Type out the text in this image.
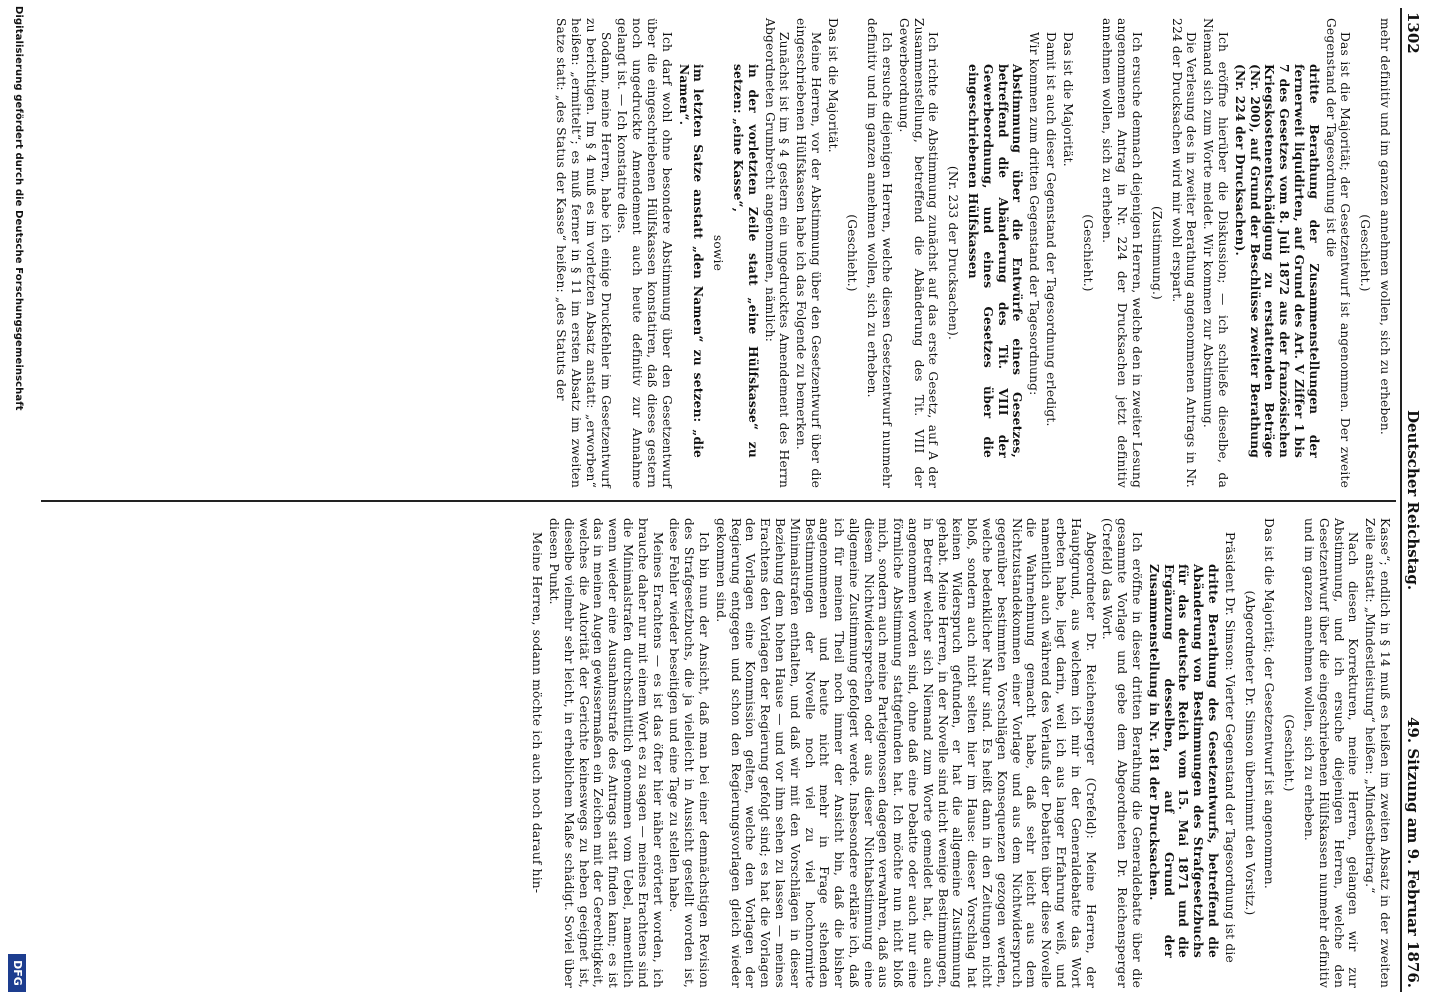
1302
Deutscher Reichstag.
49. Sitzung am 9. Februar 1876.

mehr definitiv und im ganzen annehmen wollen, sich zu erheben.

(Geschieht.)

Das ist die Majorität; der Gesetzentwurf ist angenommen. Der zweite Gegenstand der Tagesordnung ist die

dritte Berathung der Zusammenstellungen der fernerweit liquidirten, auf Grund des Art. V Ziffer 1 bis 7 des Gesetzes vom 8. Juli 1872 aus der französischen Kriegskostenentschädigung zu erstattenden Beträge (Nr. 200), auf Grund der Beschlüsse zweiter Berathung (Nr. 224 der Drucksachen).

Ich eröffne hierüber die Diskussion; — ich schließe dieselbe, da Niemand sich zum Worte meldet. Wir kommen zur Abstimmung.

Die Verlesung des in zweiter Berathung angenommenen Antrags in Nr. 224 der Drucksachen wird mir wohl erspart.

(Zustimmung.)

Ich ersuche demnach diejenigen Herren, welche den in zweiter Lesung angenommenen Antrag in Nr. 224 der Drucksachen jetzt definitiv annehmen wollen, sich zu erheben.

(Geschieht.)

Das ist die Majorität.

Damit ist auch dieser Gegenstand der Tagesordnung erledigt.

Wir kommen zum dritten Gegenstand der Tagesordnung:

Abstimmung über die Entwürfe eines Gesetzes, betreffend die Abänderung des Tit. VIII der Gewerbeordnung, und eines Gesetzes über die eingeschriebenen Hülfskassen

(Nr. 233 der Drucksachen).

Ich richte die Abstimmung zunächst auf das erste Gesetz, auf A der Zusammenstellung, betreffend die Abänderung des Tit. VIII der Gewerbeordnung.

Ich ersuche diejenigen Herren, welche diesen Gesetzentwurf nunmehr definitiv und im ganzen annehmen wollen, sich zu erheben.

(Geschieht.)

Das ist die Majorität.

Meine Herren, vor der Abstimmung über den Gesetzentwurf über die eingeschriebenen Hülfskassen habe ich das Folgende zu bemerken.

Zunächst ist im § 4 gestern ein ungedrucktes Amendement des Herrn Abgeordneten Grumbrecht angenommen, nämlich:

in der vorletzten Zeile statt „eine Hülfskasse“ zu setzen: „eine Kasse“,

sowie

im letzten Satze anstatt „den Namen“ zu setzen: „die Namen“.

Ich darf wohl ohne besondere Abstimmung über den Gesetzentwurf über die eingeschriebenen Hülfskassen konstatiren, daß dieses gestern noch ungedruckte Amendement auch heute definitiv zur Annahme gelangt ist. — Ich konstatire dies.

Sodann, meine Herren, habe ich einige Druckfehler im Gesetzentwurf zu berichtigen. Im § 4 muß es im vorletzten Absatz anstatt: „erworben“ heißen: „ermittelt“; es muß ferner in § 11 im ersten Absatz im zweiten Satze statt: „des Status der Kasse“ heißen: „des Statuts der

Kasse“; endlich in § 14 muß es heißen im zweiten Absatz in der zweiten Zeile anstatt: „Mindestleistung“ heißen: „Mindestbeitrag.“

Nach diesen Korrekturen, meine Herren, gelangen wir zur Abstimmung, und ich ersuche diejenigen Herren, welche den Gesetzentwurf über die eingeschriebenen Hülfskassen nunmehr definitiv und im ganzen annehmen wollen, sich zu erheben.

(Geschieht.)

Das ist die Majorität; der Gesetzentwurf ist angenommen.

(Abgeordneter Dr. Simson übernimmt den Vorsitz.)

Präsident Dr. Simson: Vierter Gegenstand der Tagesordnung ist die

dritte Berathung des Gesetzentwurfs, betreffend die Abänderung von Bestimmungen des Strafgesetzbuchs für das deutsche Reich vom 15. Mai 1871 und die Ergänzung desselben, auf Grund der Zusammenstellung in Nr. 181 der Drucksachen.

Ich eröffne in dieser dritten Berathung die Generaldebatte über die gesammte Vorlage und gebe dem Abgeordneten Dr. Reichensperger (Crefeld) das Wort.

Abgeordneter Dr. Reichensperger (Crefeld): Meine Herren, der Hauptgrund, aus welchem ich mir in der Generaldebatte das Wort erbeten habe, liegt darin, weil ich aus langer Erfahrung weiß, und namentlich auch während des Verlaufs der Debatten über diese Novelle die Wahrnehmung gemacht habe, daß sehr leicht aus dem Nichtzustandekommen einer Vorlage und aus dem Nichtwiderspruch gegenüber bestimmten Vorschlägen Konsequenzen gezogen werden, welche bedenklicher Natur sind. Es heißt dann in den Zeitungen nicht bloß, sondern auch nicht selten hier im Hause: dieser Vorschlag hat keinen Widerspruch gefunden, er hat die allgemeine Zustimmung gehabt. Meine Herren, in der Novelle sind nicht wenige Bestimmungen, in Betreff welcher sich Niemand zum Worte gemeldet hat, die auch angenommen worden sind, ohne daß eine Debatte oder auch nur eine förmliche Abstimmung stattgefunden hat. Ich möchte nun nicht bloß mich, sondern auch meine Parteigenossen dagegen verwahren, daß aus diesem Nichtwidersprechen oder aus dieser Nichtabstimmung eine allgemeine Zustimmung gefolgert werde. Insbesondere erkläre ich, daß ich für meinen Theil noch immer der Ansicht bin, daß die bisher angenommenen und heute nicht mehr in Frage stehenden Bestimmungen der Novelle noch viel zu viel hochnormirte Minimalstrafen enthalten, und daß wir mit den Vorschlägen in dieser Beziehung dem hohen Hause — und vor ihm sehen zu lassen — meines Erachtens den Vorlagen der Regierung gefolgt sind; es hat die Vorlagen den Vorlagen eine Kommission gelten, welche den Vorlagen der Regierung entgegen und schon den Regierungsvorlagen gleich wieder gekommen sind.

Ich bin nun der Ansicht, daß man bei einer demnächstigen Revision des Strafgesetzbuchs, die ja vielleicht in Aussicht gestellt worden ist, diese Fehler wieder beseitigen und eine Tage zu stellen habe.

Meines Erachtens — es ist das öfter hier näher erörtert worden, ich brauche daher nur mit einem Wort es zu sagen — meines Erachtens sind die Minimalstrafen durchschnittlich genommen vom Uebel, namentlich wenn wieder eine Ausnahmsstrafe des Antrags statt finden kann; es ist das in meinen Augen gewissermaßen ein Zeichen mit der Gerechtigkeit, welches die Autorität der Gerichte keineswegs zu heben geeignet ist, dieselbe vielmehr sehr leicht, in erheblichem Maße schädigt. Soviel über diesen Punkt.

Meine Herren, sodann möchte ich auch noch darauf hin-

Digitalisierung gefördert durch die Deutsche Forschungsgemeinschaft
DFG
